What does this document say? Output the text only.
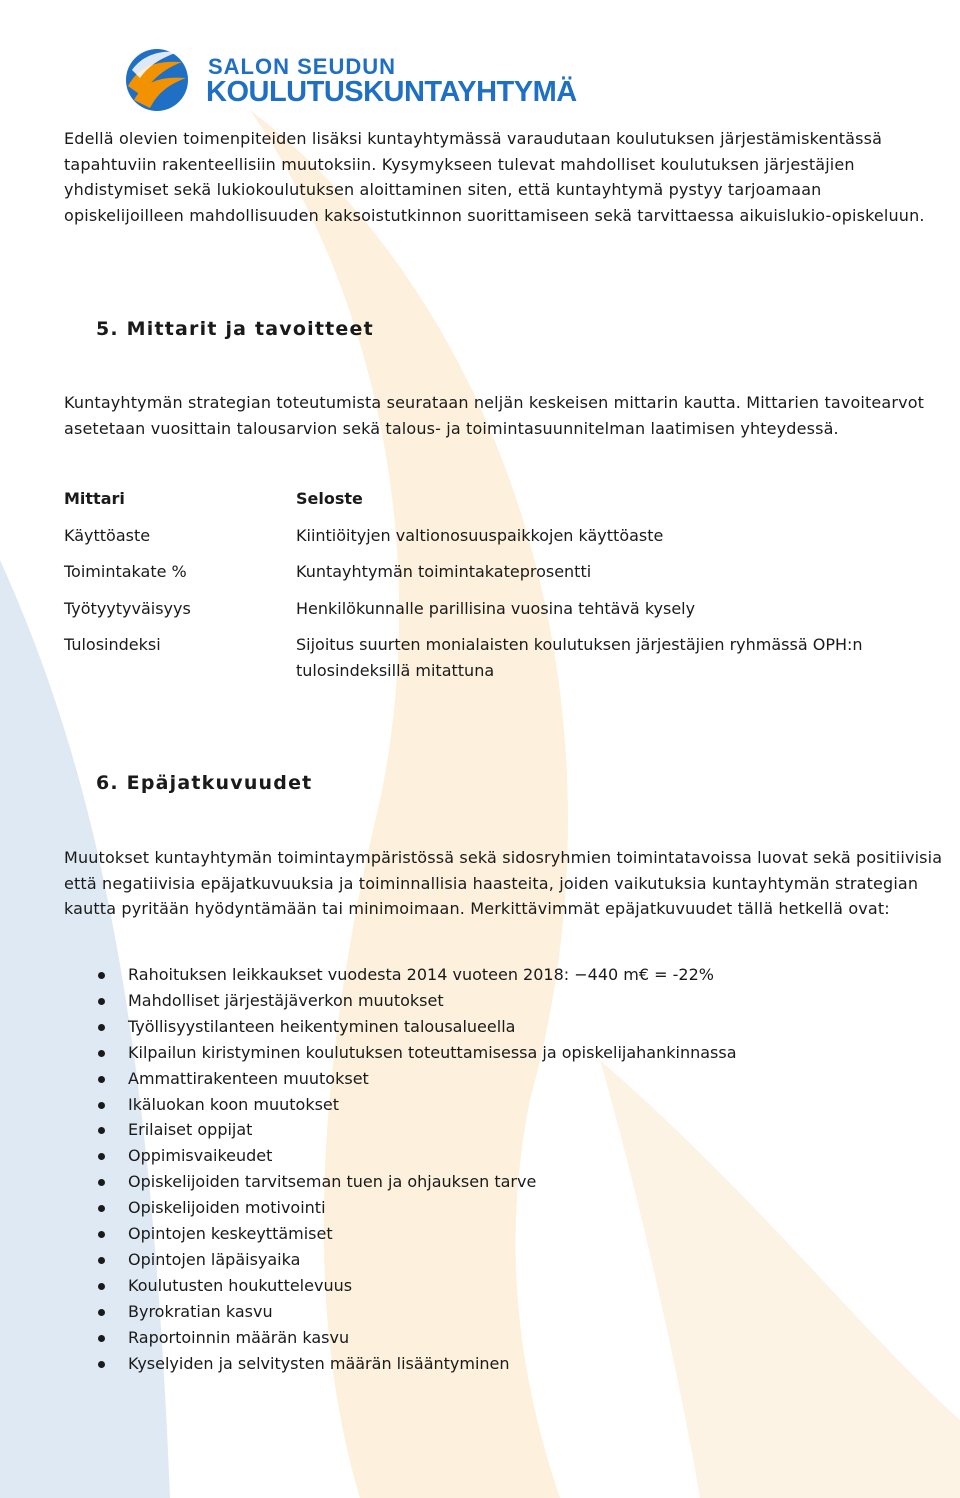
SALON SEUDUN
KOULUTUSKUNTAYHTYMÄ

Edellä olevien toimenpiteiden lisäksi kuntayhtymässä varaudutaan koulutuksen järjestämiskentässä tapahtuviin rakenteellisiin muutoksiin. Kysymykseen tulevat mahdolliset koulutuksen järjestäjien yhdistymiset sekä lukiokoulutuksen aloittaminen siten, että kuntayhtymä pystyy tarjoamaan opiskelijoilleen mahdollisuuden kaksoistutkinnon suorittamiseen sekä tarvittaessa aikuislukio-opiskeluun.

5. Mittarit ja tavoitteet

Kuntayhtymän strategian toteutumista seurataan neljän keskeisen mittarin kautta. Mittarien tavoitearvot asetetaan vuosittain talousarvion sekä talous- ja toimintasuunnitelman laatimisen yhteydessä.

Mittari	Seloste
Käyttöaste	Kiintiöityjen valtionosuuspaikkojen käyttöaste
Toimintakate %	Kuntayhtymän toimintakateprosentti
Työtyytyväisyys	Henkilökunnalle parillisina vuosina tehtävä kysely
Tulosindeksi	Sijoitus suurten monialaisten koulutuksen järjestäjien ryhmässä OPH:n tulosindeksillä mitattuna
6. Epäjatkuvuudet

Muutokset kuntayhtymän toimintaympäristössä sekä sidosryhmien toimintatavoissa luovat sekä positiivisia että negatiivisia epäjatkuvuuksia ja toiminnallisia haasteita, joiden vaikutuksia kuntayhtymän strategian kautta pyritään hyödyntämään tai minimoimaan. Merkittävimmät epäjatkuvuudet tällä hetkellä ovat:

Rahoituksen leikkaukset vuodesta 2014 vuoteen 2018: −440 m€ = -22%
Mahdolliset järjestäjäverkon muutokset
Työllisyystilanteen heikentyminen talousalueella
Kilpailun kiristyminen koulutuksen toteuttamisessa ja opiskelijahankinnassa
Ammattirakenteen muutokset
Ikäluokan koon muutokset
Erilaiset oppijat
Oppimisvaikeudet
Opiskelijoiden tarvitseman tuen ja ohjauksen tarve
Opiskelijoiden motivointi
Opintojen keskeyttämiset
Opintojen läpäisyaika
Koulutusten houkuttelevuus
Byrokratian kasvu
Raportoinnin määrän kasvu
Kyselyiden ja selvitysten määrän lisääntyminen
